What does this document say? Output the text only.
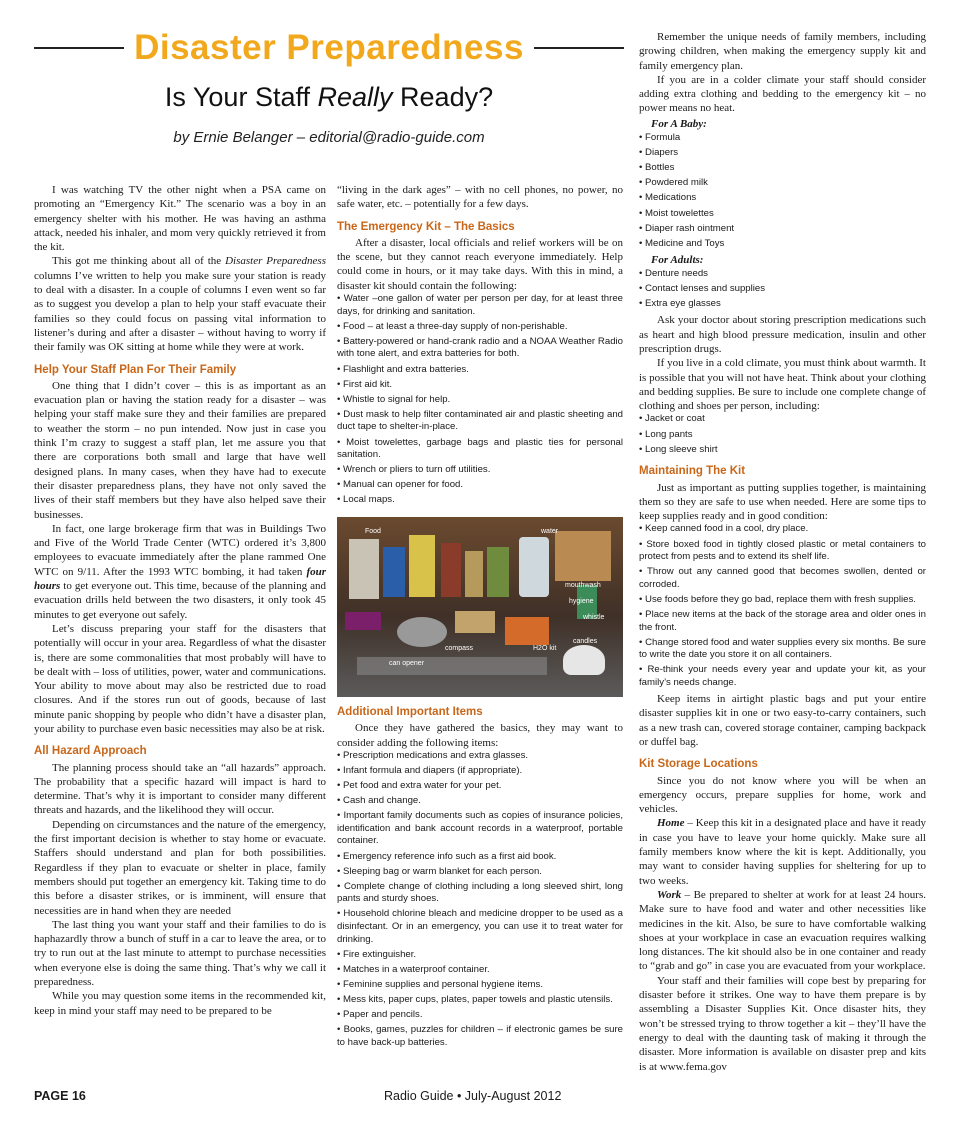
Disaster Preparedness
Is Your Staff Really Ready?
by Ernie Belanger – editorial@radio-guide.com

I was watching TV the other night when a PSA came on promoting an “Emergency Kit.” The scenario was a boy in an emergency shelter with his mother. He was having an asthma attack, needed his inhaler, and mom very quickly retrieved it from the kit.

This got me thinking about all of the Disaster Preparedness columns I’ve written to help you make sure your station is ready to deal with a disaster. In a couple of columns I even went so far as to suggest you develop a plan to help your staff evacuate their families so they could focus on passing vital information to listener’s during and after a disaster – without having to worry if their family was OK sitting at home while they were at work.

Help Your Staff Plan For Their Family

One thing that I didn’t cover – this is as important as an evacuation plan or having the station ready for a disaster – was helping your staff make sure they and their families are prepared to weather the storm – no pun intended. Now just in case you think I’m crazy to suggest a staff plan, let me assure you that there are corporations both small and large that have well designed plans. In many cases, when they have had to execute their disaster preparedness plans, they have not only saved the lives of their staff members but they have also helped save their businesses.

In fact, one large brokerage firm that was in Buildings Two and Five of the World Trade Center (WTC) ordered it’s 3,800 employees to evacuate immediately after the plane rammed One WTC on 9/11. After the 1993 WTC bombing, it had taken four hours to get everyone out. This time, because of the planning and evacuation drills held between the two disasters, it only took 45 minutes to get everyone out safely.

Let’s discuss preparing your staff for the disasters that potentially will occur in your area. Regardless of what the disaster is, there are some commonalities that most probably will have to be dealt with – loss of utilities, power, water and communications. Your ability to move about may also be restricted due to road closures. And if the stores run out of goods, because of last minute panic shopping by people who didn’t have a disaster plan, your ability to purchase even basic necessities may also be at risk.

All Hazard Approach

The planning process should take an “all hazards” approach. The probability that a specific hazard will impact is hard to determine. That’s why it is important to consider many different threats and hazards, and the likelihood they will occur.

Depending on circumstances and the nature of the emergency, the first important decision is whether to stay home or evacuate. Staffers should understand and plan for both possibilities. Regardless if they plan to evacuate or shelter in place, family members should put together an emergency kit. Taking time to do this before a disaster strikes, or is imminent, will ensure that necessities are in hand when they are needed

The last thing you want your staff and their families to do is haphazardly throw a bunch of stuff in a car to leave the area, or to try to run out at the last minute to attempt to purchase necessities when everyone else is doing the same thing. That’s why we call it preparedness.

While you may question some items in the recommended kit, keep in mind your staff may need to be prepared to be

“living in the dark ages” – with no cell phones, no power, no safe water, etc. – potentially for a few days.

The Emergency Kit – The Basics

After a disaster, local officials and relief workers will be on the scene, but they cannot reach everyone immediately. Help could come in hours, or it may take days. With this in mind, a disaster kit should contain the following:

• Water –one gallon of water per person per day, for at least three days, for drinking and sanitation.
• Food – at least a three-day supply of non-perishable.
• Battery-powered or hand-crank radio and a NOAA Weather Radio with tone alert, and extra batteries for both.
• Flashlight and extra batteries.
• First aid kit.
• Whistle to signal for help.
• Dust mask to help filter contaminated air and plastic sheeting and duct tape to shelter-in-place.
• Moist towelettes, garbage bags and plastic ties for personal sanitation.
• Wrench or pliers to turn off utilities.
• Manual can opener for food.
• Local maps.
Food	water
mouthwash
hygiene
whistle
candles
H2O kit
compass
can opener
Additional Important Items

Once they have gathered the basics, they may want to consider adding the following items:

• Prescription medications and extra glasses.
• Infant formula and diapers (if appropriate).
• Pet food and extra water for your pet.
• Cash and change.
• Important family documents such as copies of insurance policies, identification and bank account records in a waterproof, portable container.
• Emergency reference info such as a first aid book.
• Sleeping bag or warm blanket for each person.
• Complete change of clothing including a long sleeved shirt, long pants and sturdy shoes.
• Household chlorine bleach and medicine dropper to be used as a disinfectant. Or in an emergency, you can use it to treat water for drinking.
• Fire extinguisher.
• Matches in a waterproof container.
• Feminine supplies and personal hygiene items.
• Mess kits, paper cups, plates, paper towels and plastic utensils.
• Paper and pencils.
• Books, games, puzzles for children – if electronic games be sure to have back-up batteries.

Remember the unique needs of family members, including growing children, when making the emergency supply kit and family emergency plan.

If you are in a colder climate your staff should consider adding extra clothing and bedding to the emergency kit – no power means no heat.

For A Baby:

• Formula
• Diapers
• Bottles
• Powdered milk
• Medications
• Moist towelettes
• Diaper rash ointment
• Medicine and Toys

For Adults:

• Denture needs
• Contact lenses and supplies
• Extra eye glasses

Ask your doctor about storing prescription medications such as heart and high blood pressure medication, insulin and other prescription drugs.

If you live in a cold climate, you must think about warmth. It is possible that you will not have heat. Think about your clothing and bedding supplies. Be sure to include one complete change of clothing and shoes per person, including:

• Jacket or coat
• Long pants
• Long sleeve shirt
Maintaining The Kit

Just as important as putting supplies together, is maintaining them so they are safe to use when needed. Here are some tips to keep supplies ready and in good condition:

• Keep canned food in a cool, dry place.
• Store boxed food in tightly closed plastic or metal containers to protect from pests and to extend its shelf life.
• Throw out any canned good that becomes swollen, dented or corroded.
• Use foods before they go bad, replace them with fresh supplies.
• Place new items at the back of the storage area and older ones in the front.
• Change stored food and water supplies every six months. Be sure to write the date you store it on all containers.
• Re-think your needs every year and update your kit, as your family’s needs change.

Keep items in airtight plastic bags and put your entire disaster supplies kit in one or two easy-to-carry containers, such as a new trash can, covered storage container, camping backpack or duffel bag.

Kit Storage Locations

Since you do not know where you will be when an emergency occurs, prepare supplies for home, work and vehicles.

Home – Keep this kit in a designated place and have it ready in case you have to leave your home quickly. Make sure all family members know where the kit is kept. Additionally, you may want to consider having supplies for sheltering for up to two weeks.

Work – Be prepared to shelter at work for at least 24 hours. Make sure to have food and water and other necessities like medicines in the kit. Also, be sure to have comfortable walking shoes at your workplace in case an evacuation requires walking long distances. The kit should also be in one container and ready to “grab and go” in case you are evacuated from your workplace.

Your staff and their families will cope best by preparing for disaster before it strikes. One way to have them prepare is by assembling a Disaster Supplies Kit. Once disaster hits, they won’t be stressed trying to throw together a kit – they’ll have the energy to deal with the daunting task of making it through the disaster. More information is available on disaster prep and kits is at www.fema.gov

PAGE 16	Radio Guide • July-August 2012
